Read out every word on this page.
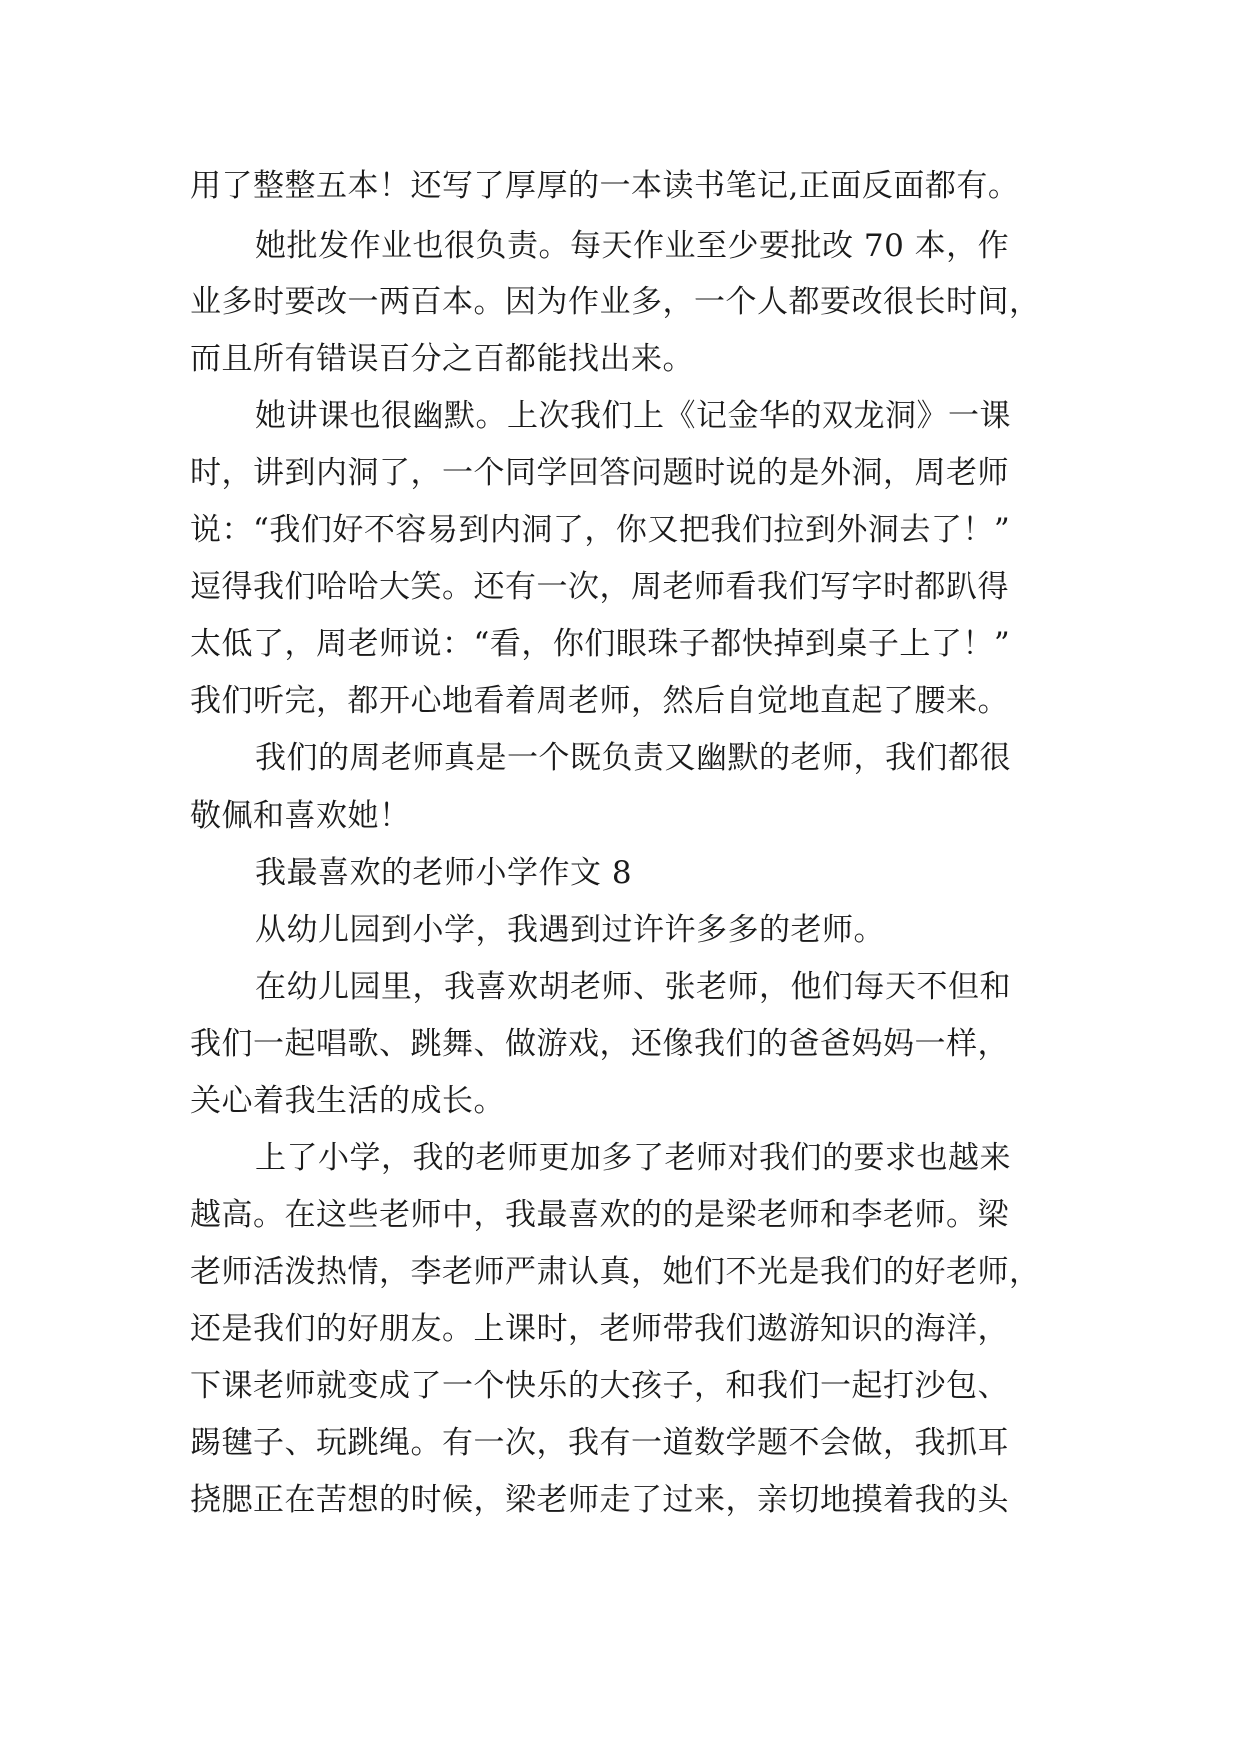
用了整整五本！还写了厚厚的一本读书笔记,正面反面都有。
她批发作业也很负责。每天作业至少要批改 70 本，作
业多时要改一两百本。因为作业多，一个人都要改很长时间，
而且所有错误百分之百都能找出来。
她讲课也很幽默。上次我们上《记金华的双龙洞》一课
时，讲到内洞了，一个同学回答问题时说的是外洞，周老师
说：“我们好不容易到内洞了，你又把我们拉到外洞去了！”
逗得我们哈哈大笑。还有一次，周老师看我们写字时都趴得
太低了，周老师说：“看，你们眼珠子都快掉到桌子上了！”
我们听完，都开心地看着周老师，然后自觉地直起了腰来。
我们的周老师真是一个既负责又幽默的老师，我们都很
敬佩和喜欢她！
我最喜欢的老师小学作文 8
从幼儿园到小学，我遇到过许许多多的老师。
在幼儿园里，我喜欢胡老师、张老师，他们每天不但和
我们一起唱歌、跳舞、做游戏，还像我们的爸爸妈妈一样，
关心着我生活的成长。
上了小学，我的老师更加多了老师对我们的要求也越来
越高。在这些老师中，我最喜欢的的是梁老师和李老师。梁
老师活泼热情，李老师严肃认真，她们不光是我们的好老师，
还是我们的好朋友。上课时，老师带我们遨游知识的海洋，
下课老师就变成了一个快乐的大孩子，和我们一起打沙包、
踢毽子、玩跳绳。有一次，我有一道数学题不会做，我抓耳
挠腮正在苦想的时候，梁老师走了过来，亲切地摸着我的头
